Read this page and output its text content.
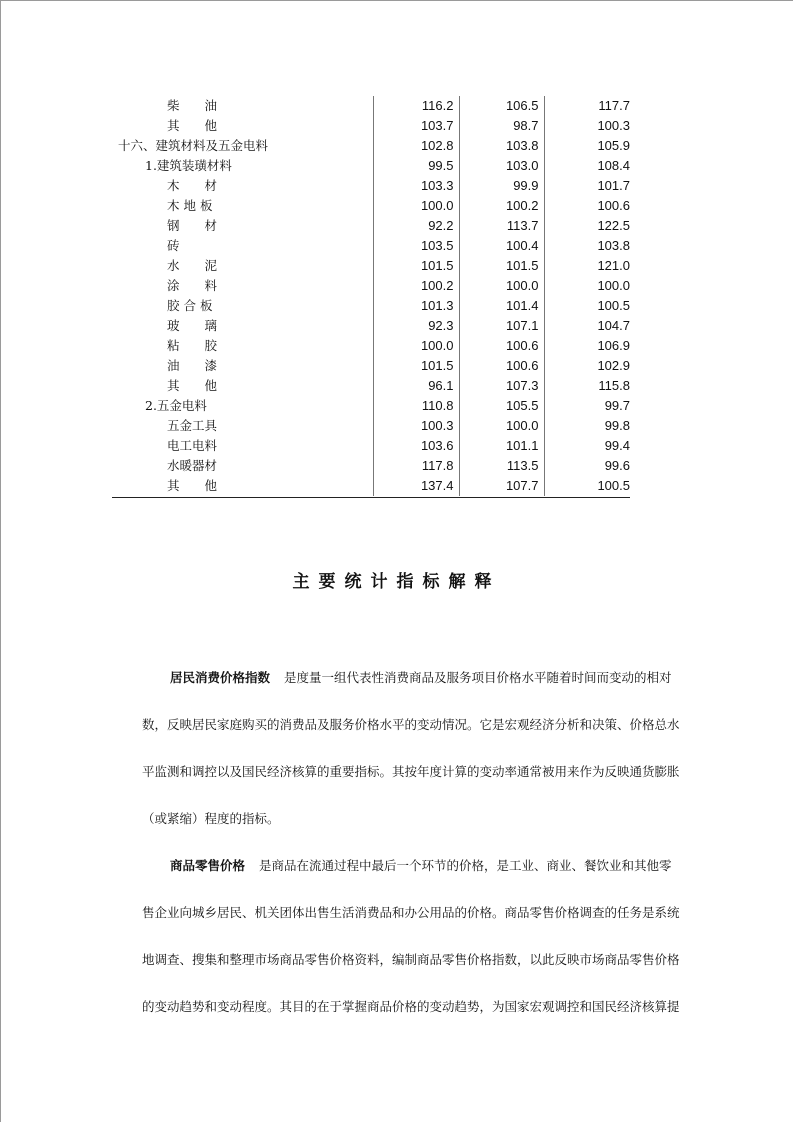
柴　　油	116.2	106.5	117.7
其　　他	103.7	98.7	100.3
十六、建筑材料及五金电料	102.8	103.8	105.9
1.建筑装璜材料	99.5	103.0	108.4
木　　材	103.3	99.9	101.7
木 地 板	100.0	100.2	100.6
钢　　材	92.2	113.7	122.5
砖	103.5	100.4	103.8
水　　泥	101.5	101.5	121.0
涂　　料	100.2	100.0	100.0
胶 合 板	101.3	101.4	100.5
玻　　璃	92.3	107.1	104.7
粘　　胶	100.0	100.6	106.9
油　　漆	101.5	100.6	102.9
其　　他	96.1	107.3	115.8
2.五金电料	110.8	105.5	99.7
五金工具	100.3	100.0	99.8
电工电料	103.6	101.1	99.4
水暖器材	117.8	113.5	99.6
其　　他	137.4	107.7	100.5
主要统计指标解释
居民消费价格指数 是度量一组代表性消费商品及服务项目价格水平随着时间而变动的相对
数，反映居民家庭购买的消费品及服务价格水平的变动情况。它是宏观经济分析和决策、价格总水
平监测和调控以及国民经济核算的重要指标。其按年度计算的变动率通常被用来作为反映通货膨胀
（或紧缩）程度的指标。
商品零售价格 是商品在流通过程中最后一个环节的价格，是工业、商业、餐饮业和其他零
售企业向城乡居民、机关团体出售生活消费品和办公用品的价格。商品零售价格调查的任务是系统
地调查、搜集和整理市场商品零售价格资料，编制商品零售价格指数，以此反映市场商品零售价格
的变动趋势和变动程度。其目的在于掌握商品价格的变动趋势，为国家宏观调控和国民经济核算提
